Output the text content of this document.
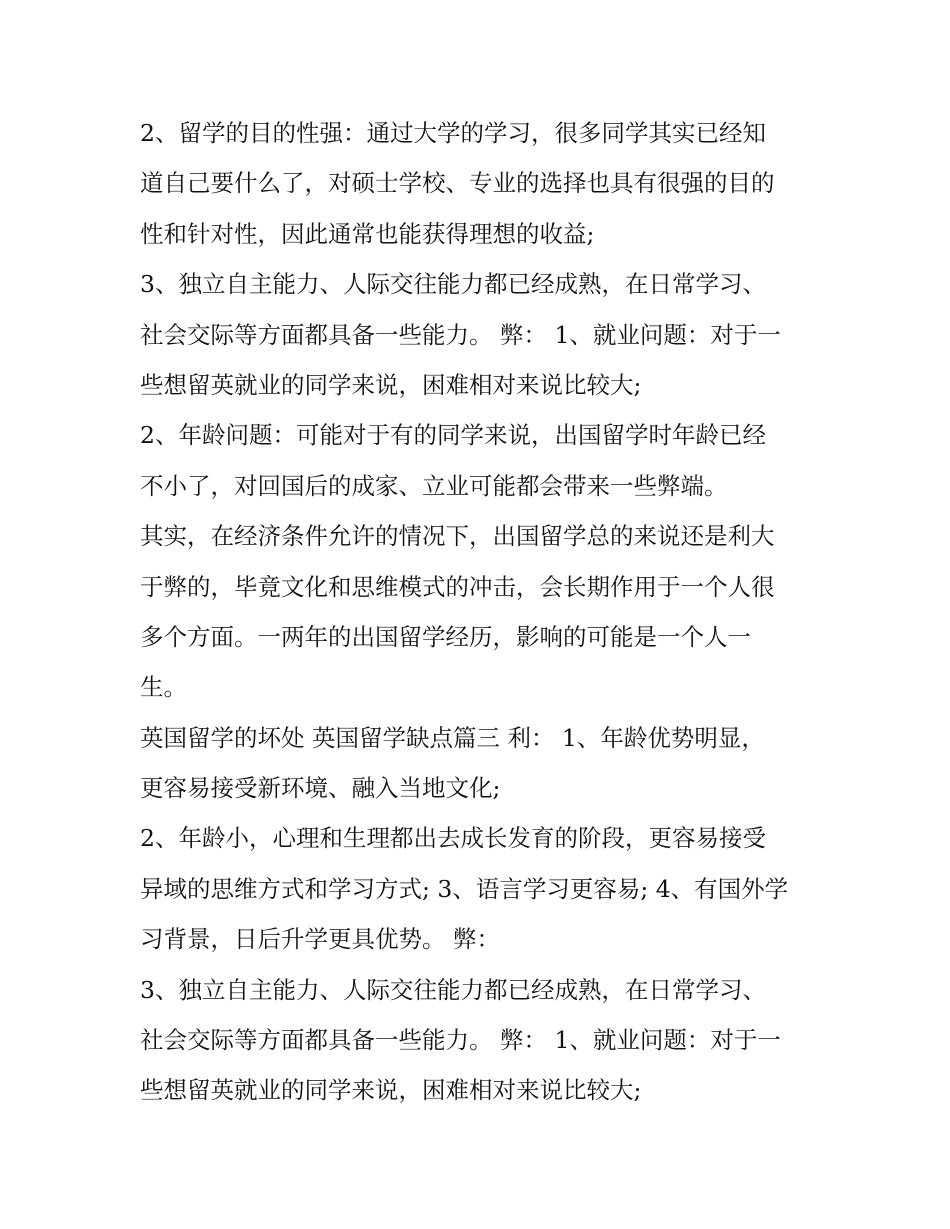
2、留学的目的性强：通过大学的学习，很多同学其实已经知
道自己要什么了，对硕士学校、专业的选择也具有很强的目的
性和针对性，因此通常也能获得理想的收益;
3、独立自主能力、人际交往能力都已经成熟，在日常学习、
社会交际等方面都具备一些能力。 弊： 1、就业问题：对于一
些想留英就业的同学来说，困难相对来说比较大;
2、年龄问题：可能对于有的同学来说，出国留学时年龄已经
不小了，对回国后的成家、立业可能都会带来一些弊端。
其实，在经济条件允许的情况下，出国留学总的来说还是利大
于弊的，毕竟文化和思维模式的冲击，会长期作用于一个人很
多个方面。一两年的出国留学经历，影响的可能是一个人一
生。
英国留学的坏处 英国留学缺点篇三 利： 1、年龄优势明显，
更容易接受新环境、融入当地文化;
2、年龄小，心理和生理都出去成长发育的阶段，更容易接受
异域的思维方式和学习方式; 3、语言学习更容易; 4、有国外学
习背景，日后升学更具优势。 弊：
3、独立自主能力、人际交往能力都已经成熟，在日常学习、
社会交际等方面都具备一些能力。 弊： 1、就业问题：对于一
些想留英就业的同学来说，困难相对来说比较大;
